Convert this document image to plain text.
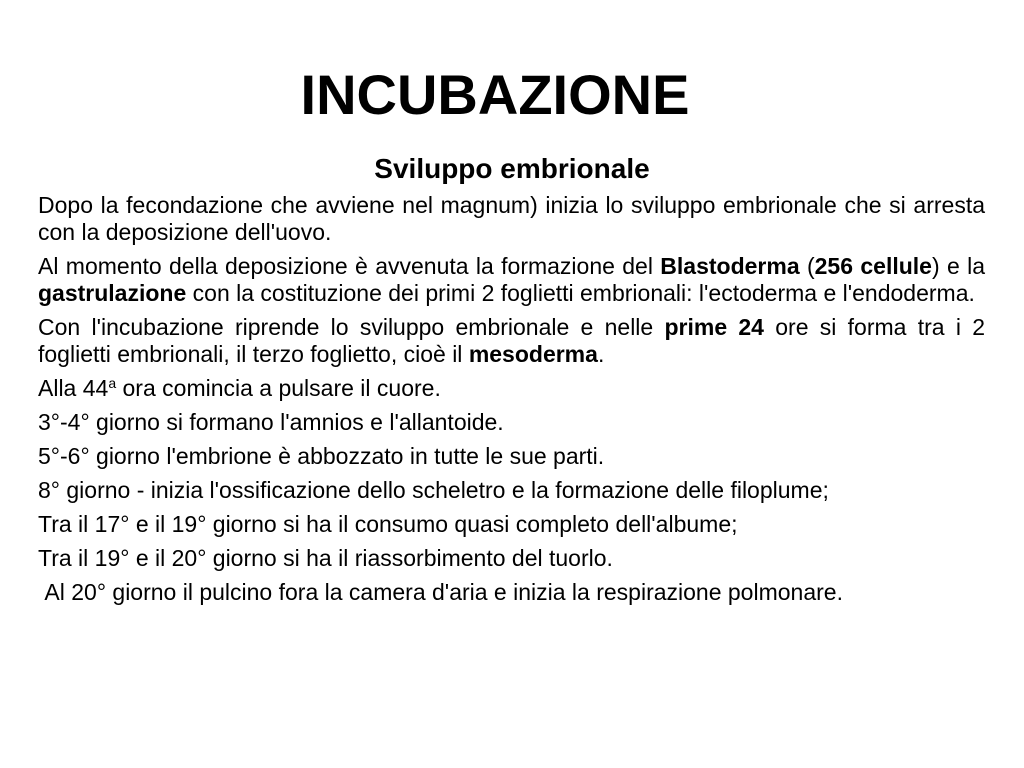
INCUBAZIONE
Sviluppo embrionale

Dopo la fecondazione che avviene nel magnum) inizia lo sviluppo embrionale che si arresta con la deposizione dell'uovo.

Al momento della deposizione è avvenuta la formazione del Blastoderma (256 cellule) e la gastrulazione con la costituzione dei primi 2 foglietti embrionali: l'ectoderma e l'endoderma.

Con l'incubazione riprende lo sviluppo embrionale e nelle prime 24 ore si forma tra i 2 foglietti embrionali, il terzo foglietto, cioè il mesoderma.

Alla 44$^a$ ora comincia a pulsare il cuore.

3°-4° giorno si formano l'amnios e l'allantoide.

5°-6° giorno l'embrione è abbozzato in tutte le sue parti.

8° giorno - inizia l'ossificazione dello scheletro e la formazione delle filoplume;

Tra il 17° e il 19° giorno si ha il consumo quasi completo dell'albume;

Tra il 19° e il 20° giorno si ha il riassorbimento del tuorlo.

Al 20° giorno il pulcino fora la camera d'aria e inizia la respirazione polmonare.
